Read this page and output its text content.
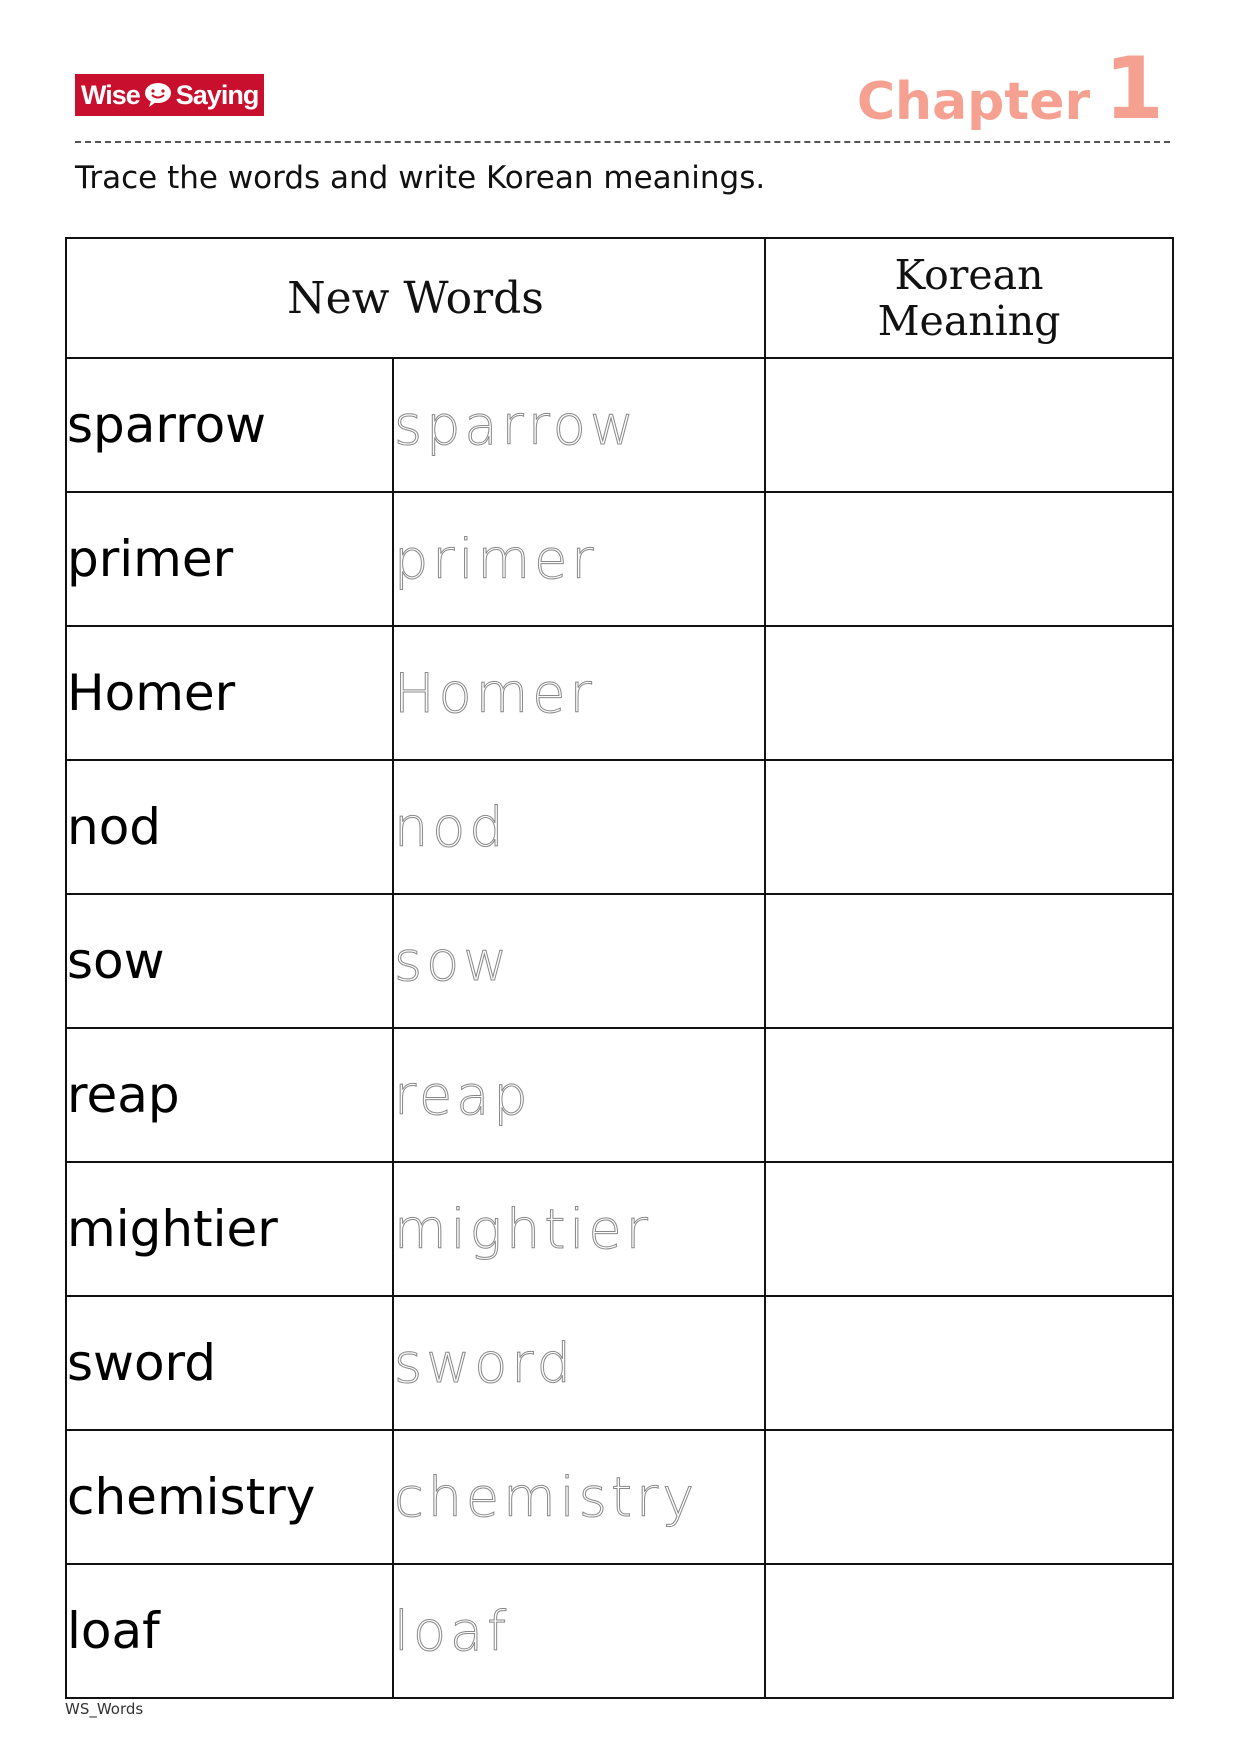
Wise Saying	Chapter 1
Trace the words and write Korean meanings.
New Words		Korean
Meaning

sparrow	sparrow	
primer	primer	
Homer	Homer	
nod	nod	
sow	sow	
reap	reap	
mightier	mightier	
sword	sword	
chemistry	chemistry	
loaf	loaf	
WS_Words
